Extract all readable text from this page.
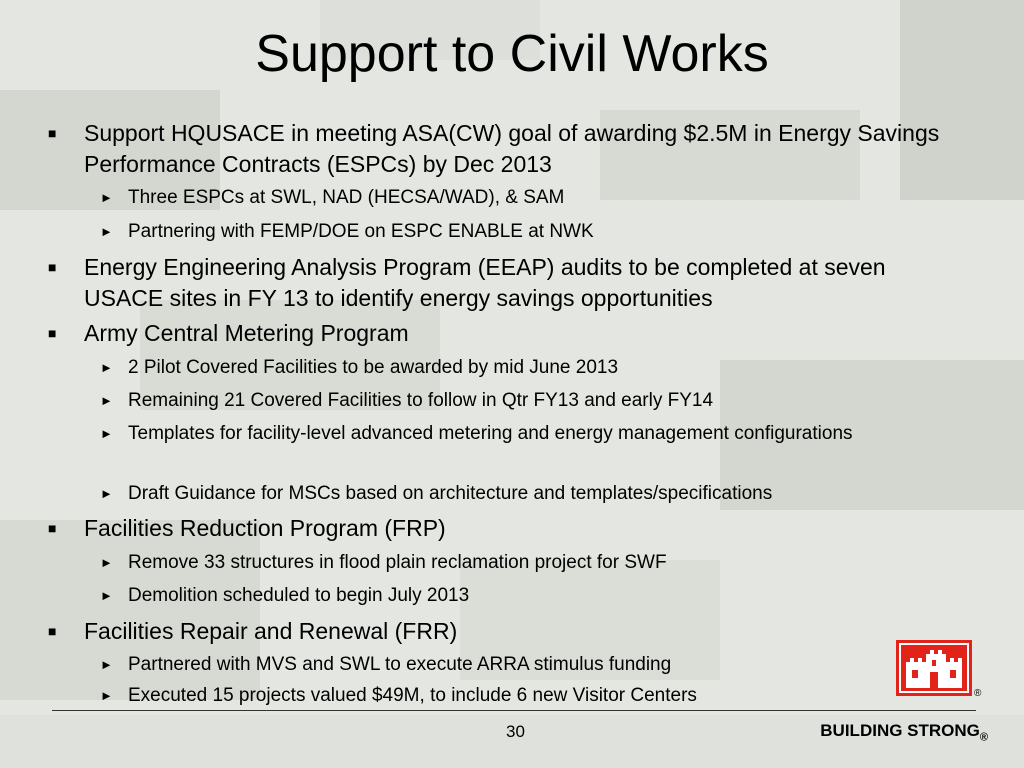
Support to Civil Works
■	Support HQUSACE in meeting ASA(CW) goal of awarding $2.5M in Energy Savings Performance Contracts (ESPCs) by Dec 2013
► Three ESPCs at SWL, NAD (HECSA/WAD), & SAM
► Partnering with FEMP/DOE on ESPC ENABLE at NWK
■	Energy Engineering Analysis Program (EEAP) audits to be completed at seven USACE sites in FY 13 to identify energy savings opportunities
■	Army Central Metering Program
► 2 Pilot Covered Facilities to be awarded by mid June 2013
► Remaining 21 Covered Facilities to follow in Qtr FY13 and early FY14
► Templates for facility-level advanced metering and energy management configurations
► Draft Guidance for MSCs based on architecture and templates/specifications
■	Facilities Reduction Program (FRP)
► Remove 33 structures in flood plain reclamation project for SWF
► Demolition scheduled to begin July 2013
■	Facilities Repair and Renewal (FRR)
► Partnered with MVS and SWL to execute ARRA stimulus funding
► Executed 15 projects valued $49M, to include 6 new Visitor Centers	®
30	BUILDING $STRONG_®$
